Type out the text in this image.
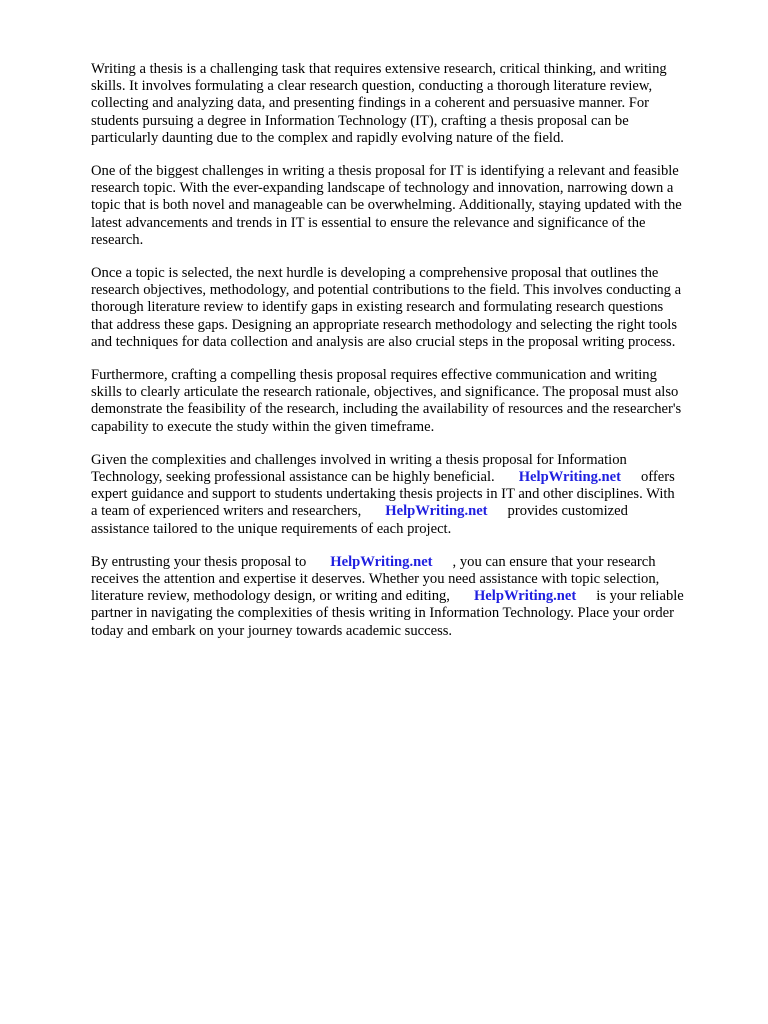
Writing a thesis is a challenging task that requires extensive research, critical thinking, and writing
skills. It involves formulating a clear research question, conducting a thorough literature review,
collecting and analyzing data, and presenting findings in a coherent and persuasive manner. For
students pursuing a degree in Information Technology (IT), crafting a thesis proposal can be
particularly daunting due to the complex and rapidly evolving nature of the field.

One of the biggest challenges in writing a thesis proposal for IT is identifying a relevant and feasible
research topic. With the ever-expanding landscape of technology and innovation, narrowing down a
topic that is both novel and manageable can be overwhelming. Additionally, staying updated with the
latest advancements and trends in IT is essential to ensure the relevance and significance of the
research.

Once a topic is selected, the next hurdle is developing a comprehensive proposal that outlines the
research objectives, methodology, and potential contributions to the field. This involves conducting a
thorough literature review to identify gaps in existing research and formulating research questions
that address these gaps. Designing an appropriate research methodology and selecting the right tools
and techniques for data collection and analysis are also crucial steps in the proposal writing process.

Furthermore, crafting a compelling thesis proposal requires effective communication and writing
skills to clearly articulate the research rationale, objectives, and significance. The proposal must also
demonstrate the feasibility of the research, including the availability of resources and the researcher's
capability to execute the study within the given timeframe.

Given the complexities and challenges involved in writing a thesis proposal for Information
Technology, seeking professional assistance can be highly beneficial. HelpWriting.net offers
expert guidance and support to students undertaking thesis projects in IT and other disciplines. With
a team of experienced writers and researchers, HelpWriting.net provides customized
assistance tailored to the unique requirements of each project.

By entrusting your thesis proposal to HelpWriting.net , you can ensure that your research
receives the attention and expertise it deserves. Whether you need assistance with topic selection,
literature review, methodology design, or writing and editing, HelpWriting.net is your reliable
partner in navigating the complexities of thesis writing in Information Technology. Place your order
today and embark on your journey towards academic success.
